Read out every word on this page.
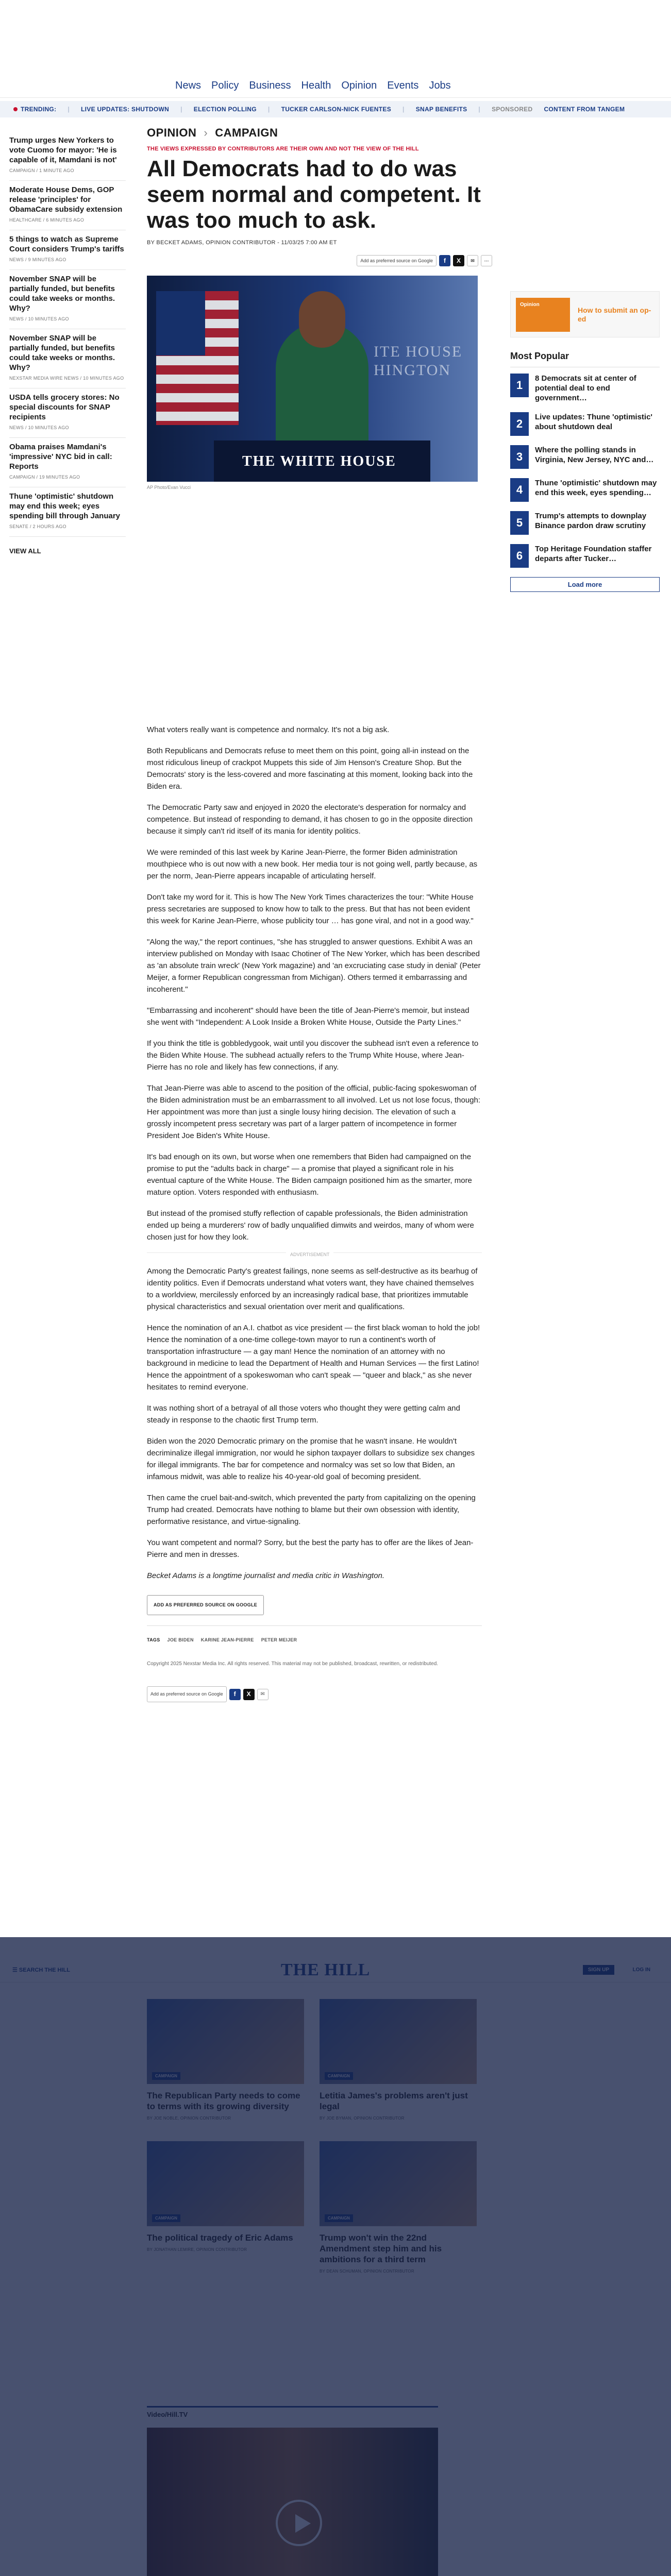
News Policy Business Health Opinion Events Jobs
TRENDING: | LIVE UPDATES: SHUTDOWN | ELECTION POLLING | TUCKER CARLSON-NICK FUENTES | SNAP BENEFITS | SPONSORED CONTENT FROM TANGEM
Trump urges New Yorkers to vote Cuomo for mayor: 'He is capable of it, Mamdani is not'
CAMPAIGN / 1 MINUTE AGO
Moderate House Dems, GOP release 'principles' for ObamaCare subsidy extension
HEALTHCARE / 6 MINUTES AGO
5 things to watch as Supreme Court considers Trump's tariffs
NEWS / 9 MINUTES AGO
November SNAP will be partially funded, but benefits could take weeks or months. Why?
NEWS / 10 MINUTES AGO
November SNAP will be partially funded, but benefits could take weeks or months. Why?
NEXSTAR MEDIA WIRE NEWS / 10 MINUTES AGO
USDA tells grocery stores: No special discounts for SNAP recipients
NEWS / 10 MINUTES AGO
Obama praises Mamdani's 'impressive' NYC bid in call: Reports
CAMPAIGN / 19 MINUTES AGO
Thune 'optimistic' shutdown may end this week; eyes spending bill through January
SENATE / 2 HOURS AGO
VIEW ALL
OPINION › CAMPAIGN
THE VIEWS EXPRESSED BY CONTRIBUTORS ARE THEIR OWN AND NOT THE VIEW OF THE HILL
All Democrats had to do was seem normal and competent. It was too much to ask.
BY BECKET ADAMS, OPINION CONTRIBUTOR - 11/03/25 7:00 AM ET
Add as preferred source on Google	f	X	✉	⋯
ITE HOUSE
HINGTON
THE WHITE HOUSE
AP Photo/Evan Vucci

What voters really want is competence and normalcy. It's not a big ask.

Both Republicans and Democrats refuse to meet them on this point, going all-in instead on the most ridiculous lineup of crackpot Muppets this side of Jim Henson's Creature Shop. But the Democrats' story is the less-covered and more fascinating at this moment, looking back into the Biden era.

The Democratic Party saw and enjoyed in 2020 the electorate's desperation for normalcy and competence. But instead of responding to demand, it has chosen to go in the opposite direction because it simply can't rid itself of its mania for identity politics.

We were reminded of this last week by Karine Jean-Pierre, the former Biden administration mouthpiece who is out now with a new book. Her media tour is not going well, partly because, as per the norm, Jean-Pierre appears incapable of articulating herself.

Don't take my word for it. This is how The New York Times characterizes the tour: "White House press secretaries are supposed to know how to talk to the press. But that has not been evident this week for Karine Jean-Pierre, whose publicity tour … has gone viral, and not in a good way."

"Along the way," the report continues, "she has struggled to answer questions. Exhibit A was an interview published on Monday with Isaac Chotiner of The New Yorker, which has been described as 'an absolute train wreck' (New York magazine) and 'an excruciating case study in denial' (Peter Meijer, a former Republican congressman from Michigan). Others termed it embarrassing and incoherent."

"Embarrassing and incoherent" should have been the title of Jean-Pierre's memoir, but instead she went with "Independent: A Look Inside a Broken White House, Outside the Party Lines."

If you think the title is gobbledygook, wait until you discover the subhead isn't even a reference to the Biden White House. The subhead actually refers to the Trump White House, where Jean-Pierre has no role and likely has few connections, if any.

That Jean-Pierre was able to ascend to the position of the official, public-facing spokeswoman of the Biden administration must be an embarrassment to all involved. Let us not lose focus, though: Her appointment was more than just a single lousy hiring decision. The elevation of such a grossly incompetent press secretary was part of a larger pattern of incompetence in former President Joe Biden's White House.

It's bad enough on its own, but worse when one remembers that Biden had campaigned on the promise to put the "adults back in charge" — a promise that played a significant role in his eventual capture of the White House. The Biden campaign positioned him as the smarter, more mature option. Voters responded with enthusiasm.

But instead of the promised stuffy reflection of capable professionals, the Biden administration ended up being a murderers' row of badly unqualified dimwits and weirdos, many of whom were chosen just for how they look.

ADVERTISEMENT

Among the Democratic Party's greatest failings, none seems as self-destructive as its bearhug of identity politics. Even if Democrats understand what voters want, they have chained themselves to a worldview, mercilessly enforced by an increasingly radical base, that prioritizes immutable physical characteristics and sexual orientation over merit and qualifications.

Hence the nomination of an A.I. chatbot as vice president — the first black woman to hold the job! Hence the nomination of a one-time college-town mayor to run a continent's worth of transportation infrastructure — a gay man! Hence the nomination of an attorney with no background in medicine to lead the Department of Health and Human Services — the first Latino! Hence the appointment of a spokeswoman who can't speak — "queer and black," as she never hesitates to remind everyone.

It was nothing short of a betrayal of all those voters who thought they were getting calm and steady in response to the chaotic first Trump term.

Biden won the 2020 Democratic primary on the promise that he wasn't insane. He wouldn't decriminalize illegal immigration, nor would he siphon taxpayer dollars to subsidize sex changes for illegal immigrants. The bar for competence and normalcy was set so low that Biden, an infamous midwit, was able to realize his 40-year-old goal of becoming president.

Then came the cruel bait-and-switch, which prevented the party from capitalizing on the opening Trump had created. Democrats have nothing to blame but their own obsession with identity, performative resistance, and virtue-signaling.

You want competent and normal? Sorry, but the best the party has to offer are the likes of Jean-Pierre and men in dresses.

Becket Adams is a longtime journalist and media critic in Washington.

ADD AS PREFERRED SOURCE ON GOOGLE
TAGS JOE BIDEN KARINE JEAN-PIERRE PETER MEIJER
Copyright 2025 Nexstar Media Inc. All rights reserved. This material may not be published, broadcast, rewritten, or redistributed.
Add as preferred source on Google	f	X	✉
Opinion
How to submit an op-ed
Most Popular
1
8 Democrats sit at center of potential deal to end government…
2
Live updates: Thune 'optimistic' about shutdown deal
3
Where the polling stands in Virginia, New Jersey, NYC and…
4
Thune 'optimistic' shutdown may end this week, eyes spending…
5
Trump's attempts to downplay Binance pardon draw scrutiny
6
Top Heritage Foundation staffer departs after Tucker…
Load more
